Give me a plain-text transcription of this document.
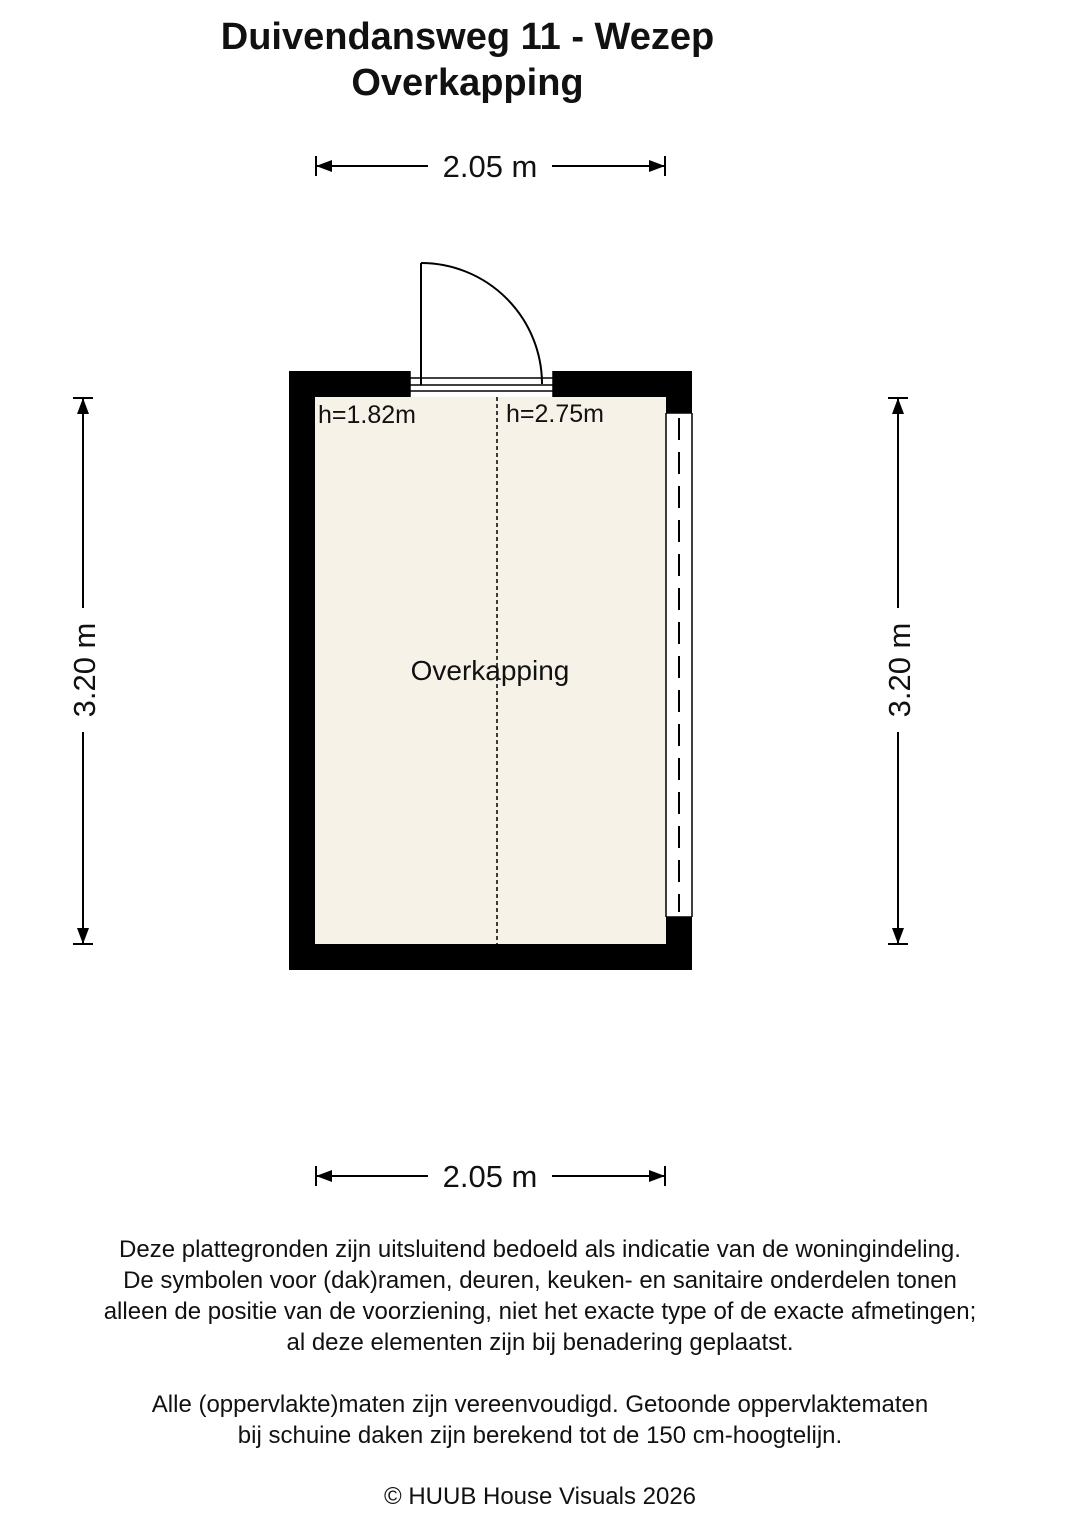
Duivendansweg 11 - Wezep
Overkapping
2.05 m
2.05 m
3.20 m	3.20 m
h=1.82m	h=2.75m
Overkapping
Deze plattegronden zijn uitsluitend bedoeld als indicatie van de woningindeling.
De symbolen voor (dak)ramen, deuren, keuken- en sanitaire onderdelen tonen
alleen de positie van de voorziening, niet het exacte type of de exacte afmetingen;
al deze elementen zijn bij benadering geplaatst.
Alle (oppervlakte)maten zijn vereenvoudigd. Getoonde oppervlaktematen
bij schuine daken zijn berekend tot de 150 cm-hoogtelijn.
© HUUB House Visuals 2026
